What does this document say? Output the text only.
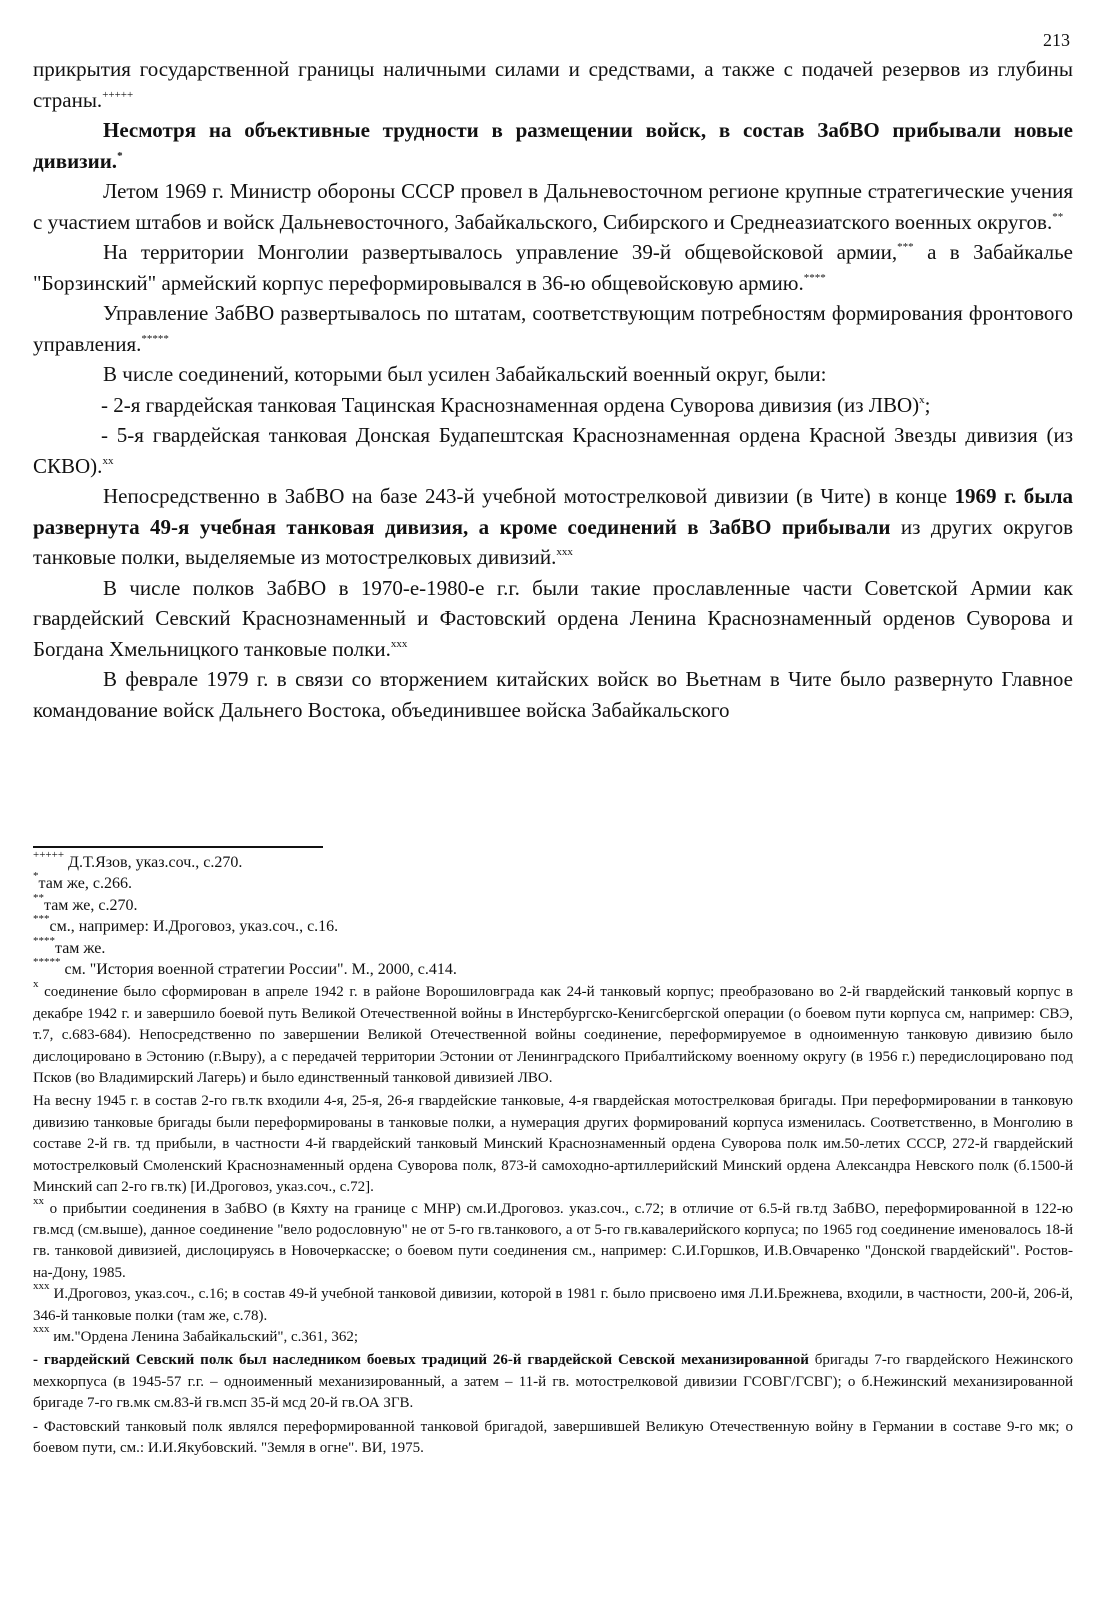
213

прикрытия государственной границы наличными силами и средствами, а также с подачей резервов из глубины страны.+++++

Несмотря на объективные трудности в размещении войск, в состав ЗабВО прибывали новые дивизии.*

Летом 1969 г. Министр обороны СССР провел в Дальневосточном регионе крупные стратегические учения с участием штабов и войск Дальневосточного, Забайкальского, Сибирского и Среднеазиатского военных округов.**

На территории Монголии развертывалось управление 39-й общевойсковой армии,*** а в Забайкалье "Борзинский" армейский корпус переформировывался в 36-ю общевойсковую армию.****

Управление ЗабВО развертывалось по штатам, соответствующим потребностям формирования фронтового управления.*****

В числе соединений, которыми был усилен Забайкальский военный округ, были:

- 2-я гвардейская танковая Тацинская Краснознаменная ордена Суворова дивизия (из ЛВО)$^x$;

- 5-я гвардейская танковая Донская Будапештская Краснознаменная ордена Красной Звезды дивизия (из СКВО).$^{xx}$

Непосредственно в ЗабВО на базе 243-й учебной мотострелковой дивизии (в Чите) в конце 1969 г. была развернута 49-я учебная танковая дивизия, а кроме соединений в ЗабВО прибывали из других округов танковые полки, выделяемые из мотострелковых дивизий.$^{xxx}$

В числе полков ЗабВО в 1970-е-1980-е г.г. были такие прославленные части Советской Армии как гвардейский Севский Краснознаменный и Фастовский ордена Ленина Краснознаменный орденов Суворова и Богдана Хмельницкого танковые полки.$^{xxx}$

В феврале 1979 г. в связи со вторжением китайских войск во Вьетнам в Чите было развернуто Главное командование войск Дальнего Востока, объединившее войска Забайкальского

+++++ Д.Т.Язов, указ.соч., с.270.

*там же, с.266.

**там же, с.270.

***см., например: И.Дроговоз, указ.соч., с.16.

****там же.

***** см. "История военной стратегии России". М., 2000, с.414.

$^x$ соединение было сформирован в апреле 1942 г. в районе Ворошиловграда как 24-й танковый корпус; преобразовано во 2-й гвардейский танковый корпус в декабре 1942 г. и завершило боевой путь Великой Отечественной войны в Инстербургско-Кенигсбергской операции (о боевом пути корпуса см, например: СВЭ, т.7, с.683-684). Непосредственно по завершении Великой Отечественной войны соединение, переформируемое в одноименную танковую дивизию было дислоцировано в Эстонию (г.Выру), а с передачей территории Эстонии от Ленинградского Прибалтийскому военному округу (в 1956 г.) передислоцировано под Псков (во Владимирский Лагерь) и было единственный танковой дивизией ЛВО.

На весну 1945 г. в состав 2-го гв.тк входили 4-я, 25-я, 26-я гвардейские танковые, 4-я гвардейская мотострелковая бригады. При переформировании в танковую дивизию танковые бригады были переформированы в танковые полки, а нумерация других формирований корпуса изменилась. Соответственно, в Монголию в составе 2-й гв. тд прибыли, в частности 4-й гвардейский танковый Минский Краснознаменный ордена Суворова полк им.50-летих СССР, 272-й гвардейский мотострелковый Смоленский Краснознаменный ордена Суворова полк, 873-й самоходно-артиллерийский Минский ордена Александра Невского полк (б.1500-й Минский сап 2-го гв.тк) [И.Дроговоз, указ.соч., с.72].

$^{xx}$ о прибытии соединения в ЗабВО (в Кяхту на границе с МНР) см.И.Дроговоз. указ.соч., с.72; в отличие от 6.5-й гв.тд ЗабВО, переформированной в 122-ю гв.мсд (см.выше), данное соединение "вело родословную" не от 5-го гв.танкового, а от 5-го гв.кавалерийского корпуса; по 1965 год соединение именовалось 18-й гв. танковой дивизией, дислоцируясь в Новочеркасске; о боевом пути соединения см., например: С.И.Горшков, И.В.Овчаренко "Донской гвардейский". Ростов-на-Дону, 1985.

$^{xxx}$ И.Дроговоз, указ.соч., с.16; в состав 49-й учебной танковой дивизии, которой в 1981 г. было присвоено имя Л.И.Брежнева, входили, в частности, 200-й, 206-й, 346-й танковые полки (там же, с.78).

$^{xxx}$ им."Ордена Ленина Забайкальский", с.361, 362;

- гвардейский Севский полк был наследником боевых традиций 26-й гвардейской Севской механизированной бригады 7-го гвардейского Нежинского мехкорпуса (в 1945-57 г.г. – одноименный механизированный, а затем – 11-й гв. мотострелковой дивизии ГСОВГ/ГСВГ); о б.Нежинский механизированной бригаде 7-го гв.мк см.83-й гв.мсп 35-й мсд 20-й гв.ОА ЗГВ.

- Фастовский танковый полк являлся переформированной танковой бригадой, завершившей Великую Отечественную войну в Германии в составе 9-го мк; о боевом пути, см.: И.И.Якубовский. "Земля в огне". ВИ, 1975.
